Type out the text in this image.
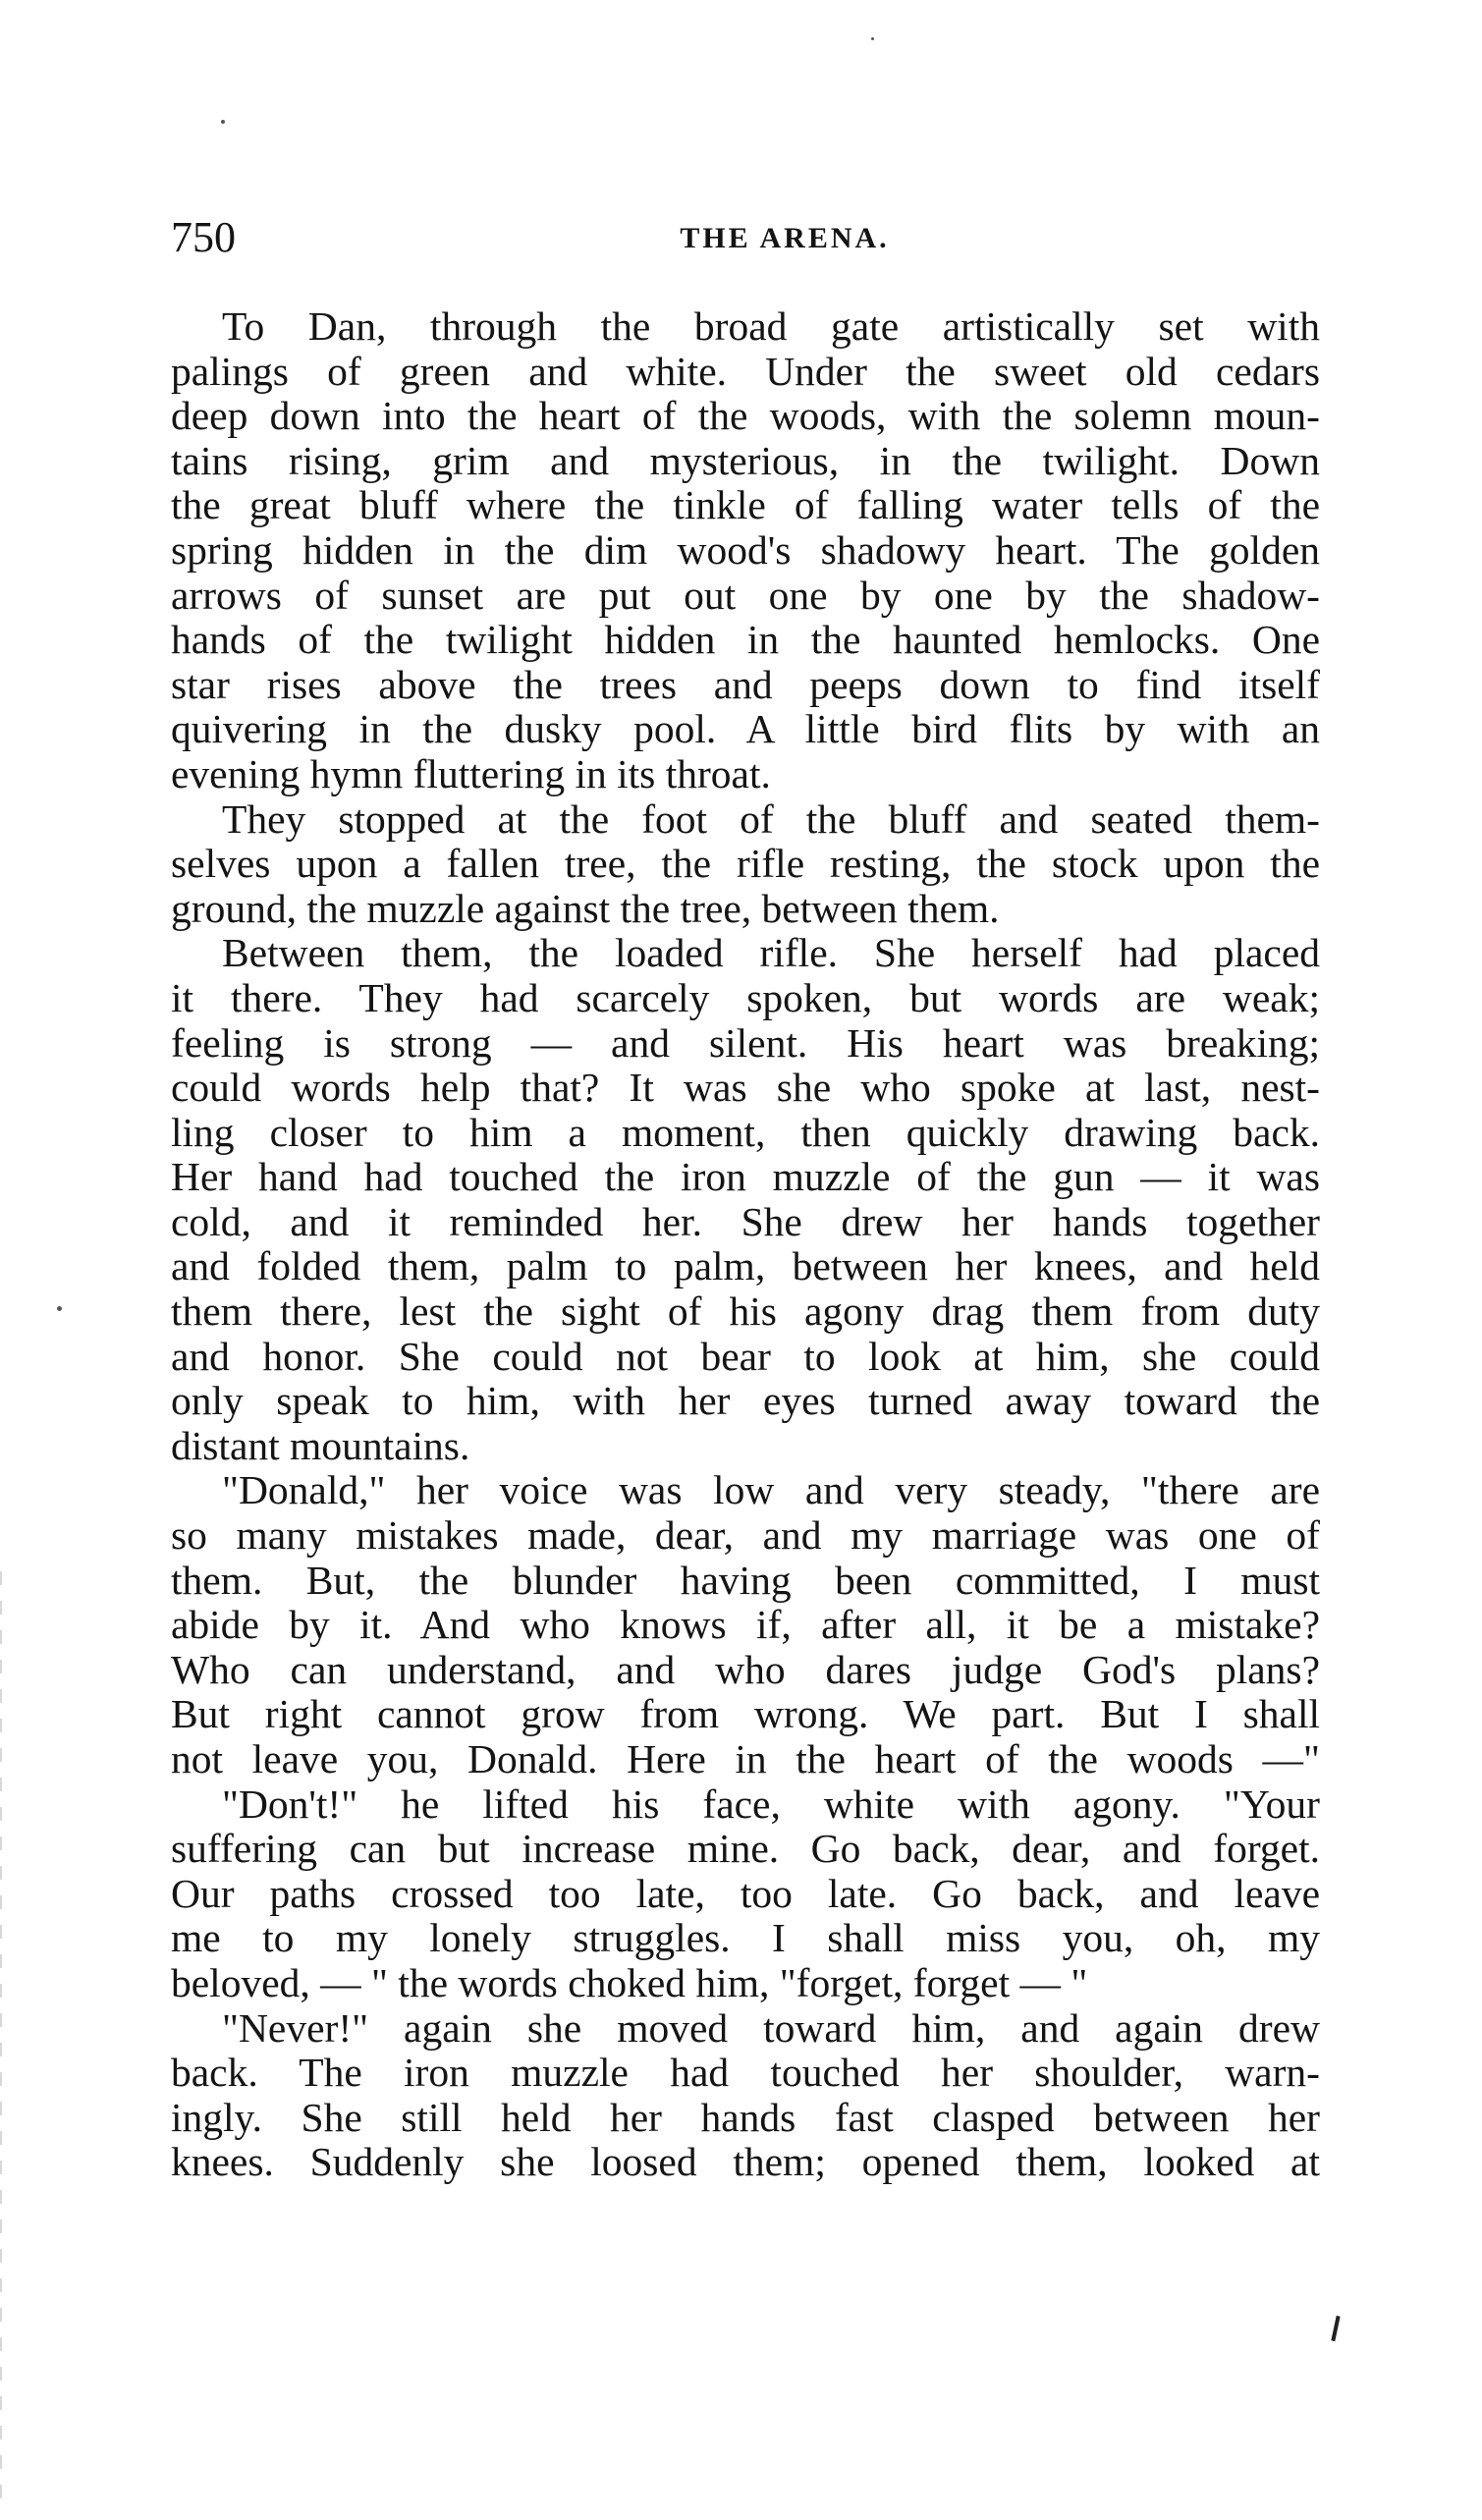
750	THE ARENA.
To Dan, through the broad gate artistically set with
palings of green and white. Under the sweet old cedars
deep down into the heart of the woods, with the solemn moun-
tains rising, grim and mysterious, in the twilight. Down
the great bluff where the tinkle of falling water tells of the
spring hidden in the dim wood's shadowy heart. The golden
arrows of sunset are put out one by one by the shadow-
hands of the twilight hidden in the haunted hemlocks. One
star rises above the trees and peeps down to find itself
quivering in the dusky pool. A little bird flits by with an
evening hymn fluttering in its throat.
They stopped at the foot of the bluff and seated them-
selves upon a fallen tree, the rifle resting, the stock upon the
ground, the muzzle against the tree, between them.
Between them, the loaded rifle. She herself had placed
it there. They had scarcely spoken, but words are weak;
feeling is strong — and silent. His heart was breaking;
could words help that? It was she who spoke at last, nest-
ling closer to him a moment, then quickly drawing back.
Her hand had touched the iron muzzle of the gun — it was
cold, and it reminded her. She drew her hands together
and folded them, palm to palm, between her knees, and held
them there, lest the sight of his agony drag them from duty
and honor. She could not bear to look at him, she could
only speak to him, with her eyes turned away toward the
distant mountains.
"Donald," her voice was low and very steady, "there are
so many mistakes made, dear, and my marriage was one of
them. But, the blunder having been committed, I must
abide by it. And who knows if, after all, it be a mistake?
Who can understand, and who dares judge God's plans?
But right cannot grow from wrong. We part. But I shall
not leave you, Donald. Here in the heart of the woods —"
"Don't!" he lifted his face, white with agony. "Your
suffering can but increase mine. Go back, dear, and forget.
Our paths crossed too late, too late. Go back, and leave
me to my lonely struggles. I shall miss you, oh, my
beloved, — " the words choked him, "forget, forget — "
"Never!" again she moved toward him, and again drew
back. The iron muzzle had touched her shoulder, warn-
ingly. She still held her hands fast clasped between her
knees. Suddenly she loosed them; opened them, looked at
